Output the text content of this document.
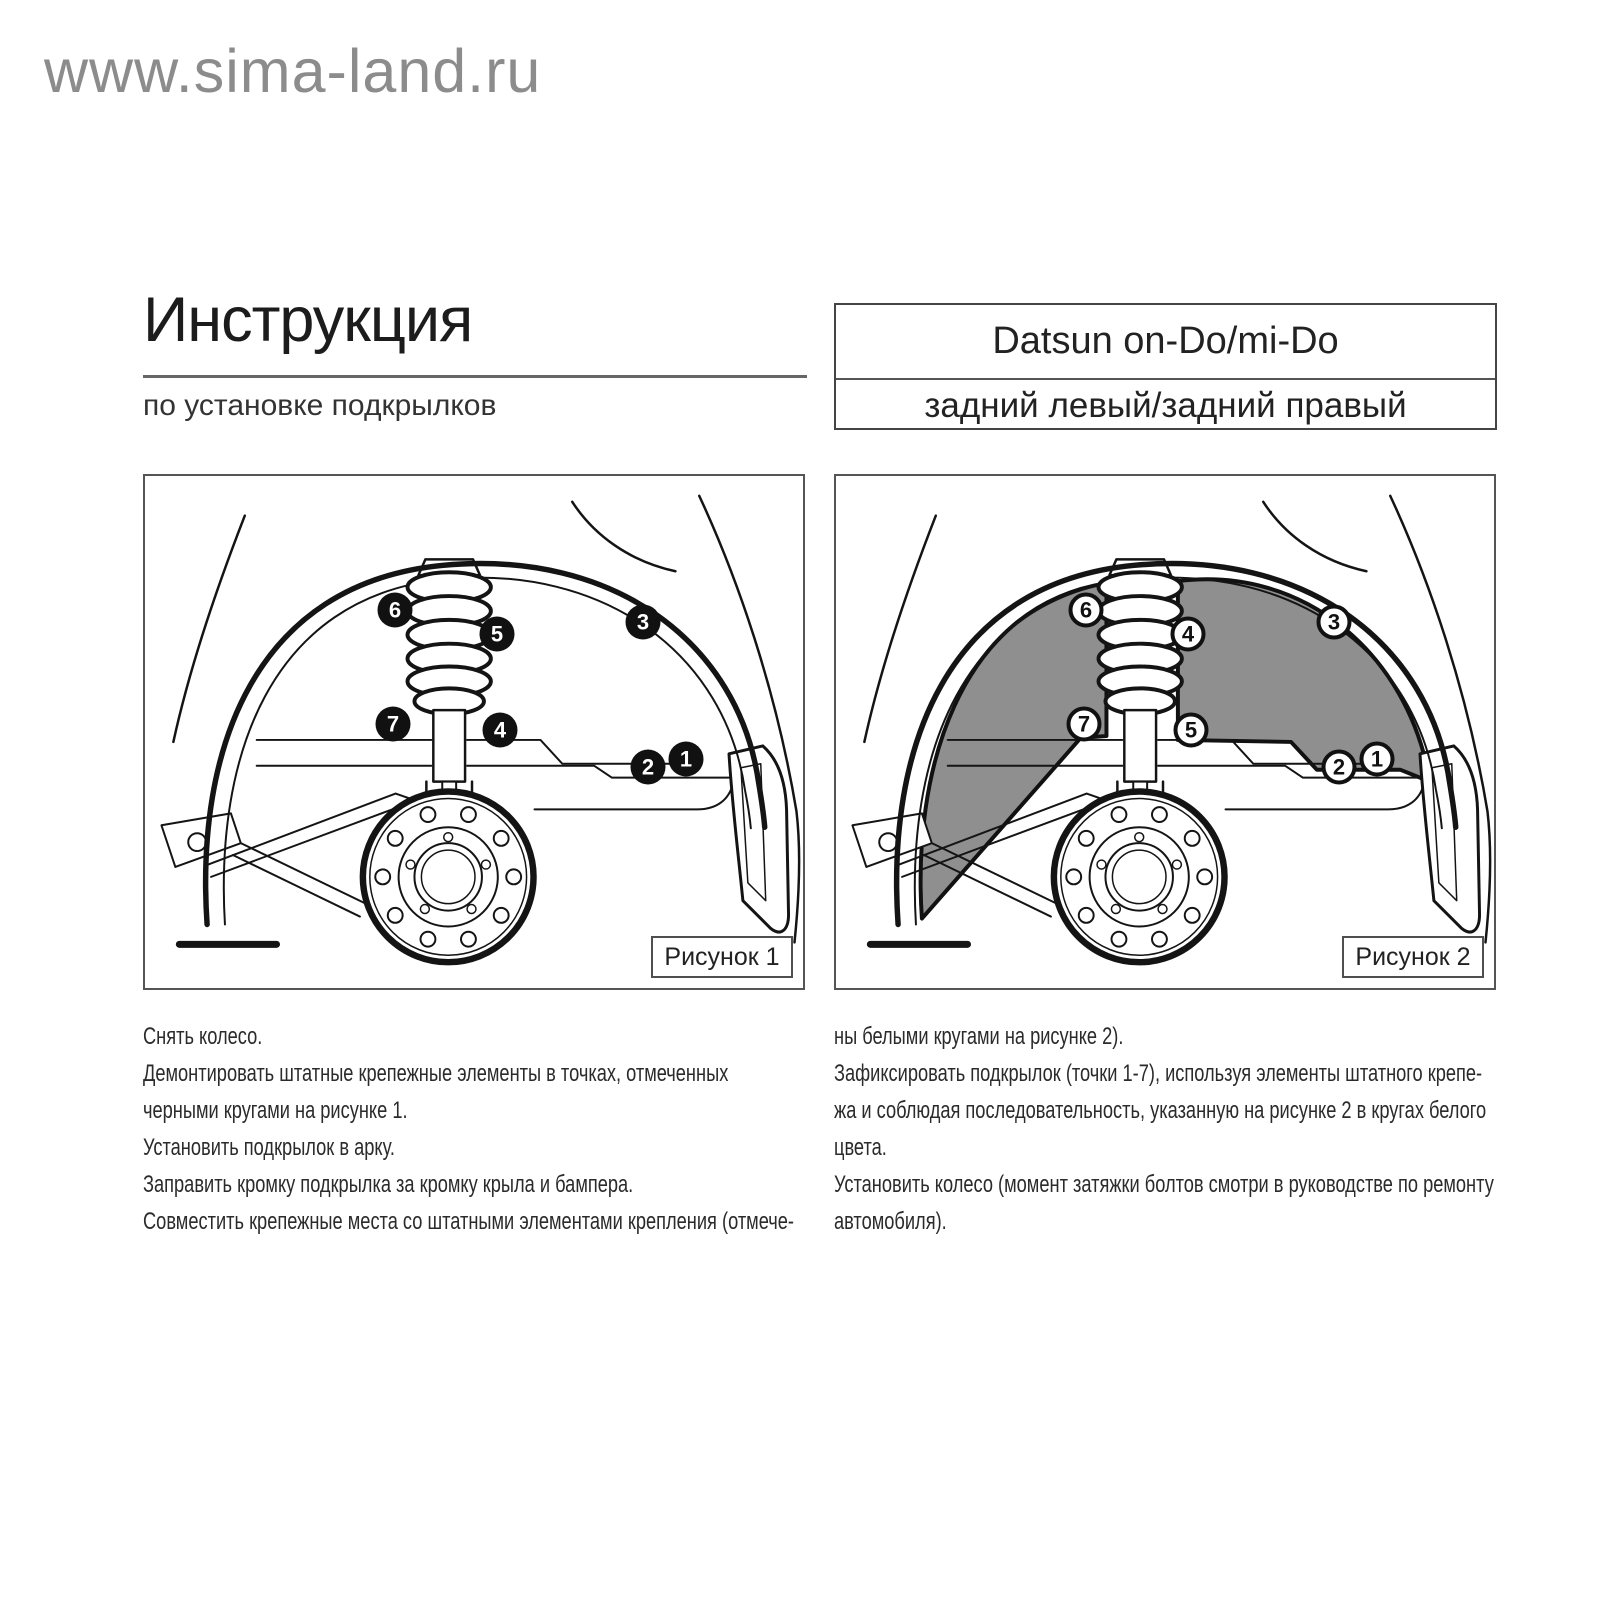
www.sima-land.ru
Инструкция
по установке подкрылков
Datsun on-Do/mi-Do
задний левый/задний правый
6
5	3
7	4
2	1
Рисунок 1
6
4	3
7	5
2	1
Рисунок 2
Снять колесо.
Демонтировать штатные крепежные элементы в точках, отмеченных
черными кругами на рисунке 1.
Установить подкрылок в арку.
Заправить кромку подкрылка за кромку крыла и бампера.
Совместить крепежные места со штатными элементами крепления (отмече-
ны белыми кругами на рисунке 2).
Зафиксировать подкрылок (точки 1-7), используя элементы штатного крепе-
жа и соблюдая последовательность, указанную на рисунке 2 в кругах белого
цвета.
Установить колесо (момент затяжки болтов смотри в руководстве по ремонту
автомобиля).
